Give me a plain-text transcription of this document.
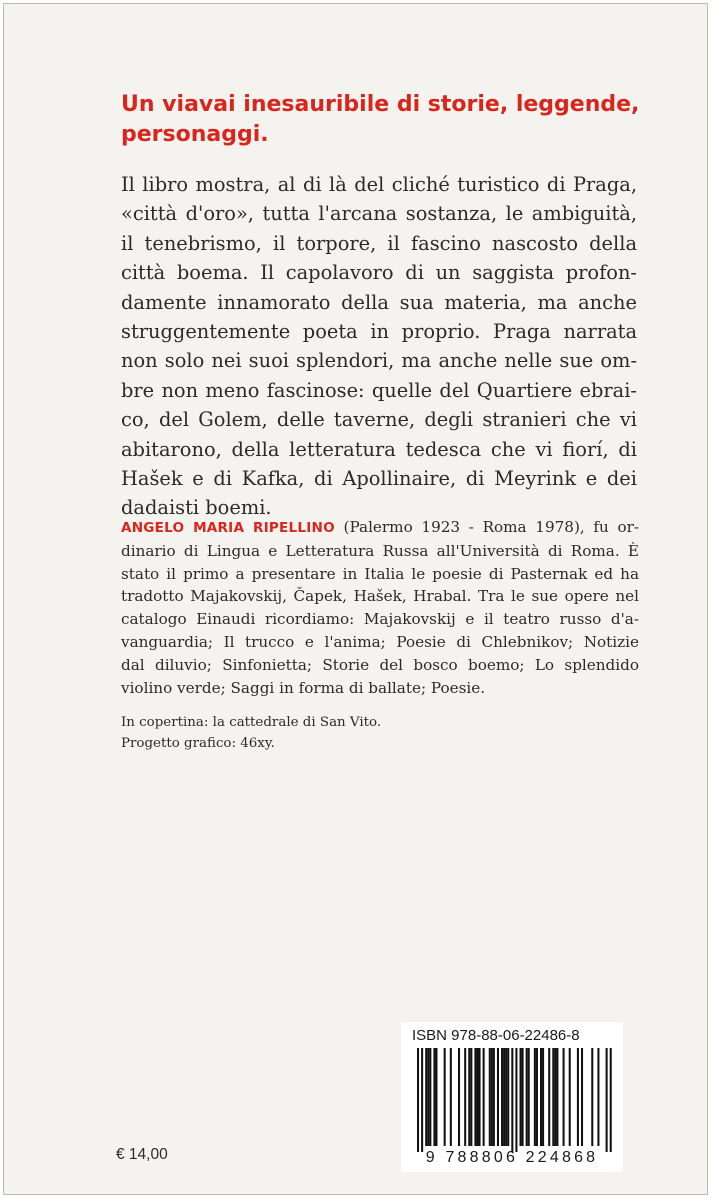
Un viavai inesauribile di storie, leggende,
personaggi.
Il libro mostra, al di là del cliché turistico di Praga,
«città d'oro», tutta l'arcana sostanza, le ambiguità,
il tenebrismo, il torpore, il fascino nascosto della
città boema. Il capolavoro di un saggista profon-
damente innamorato della sua materia, ma anche
struggentemente poeta in proprio. Praga narrata
non solo nei suoi splendori, ma anche nelle sue om-
bre non meno fascinose: quelle del Quartiere ebrai-
co, del Golem, delle taverne, degli stranieri che vi
abitarono, della letteratura tedesca che vi fiorí, di
Hašek e di Kafka, di Apollinaire, di Meyrink e dei
dadaisti boemi.
ANGELO MARIA RIPELLINO (Palermo 1923 - Roma 1978), fu or-
dinario di Lingua e Letteratura Russa all'Università di Roma. È
stato il primo a presentare in Italia le poesie di Pasternak ed ha
tradotto Majakovskij, Čapek, Hašek, Hrabal. Tra le sue opere nel
catalogo Einaudi ricordiamo: Majakovskij e il teatro russo d'a-
vanguardia; Il trucco e l'anima; Poesie di Chlebnikov; Notizie
dal diluvio; Sinfonietta; Storie del bosco boemo; Lo splendido
violino verde; Saggi in forma di ballate; Poesie.
In copertina: la cattedrale di San Vito.
Progetto grafico: 46xy.
€ 14,00
ISBN 978-88-06-22486-8
9 788806 224868
